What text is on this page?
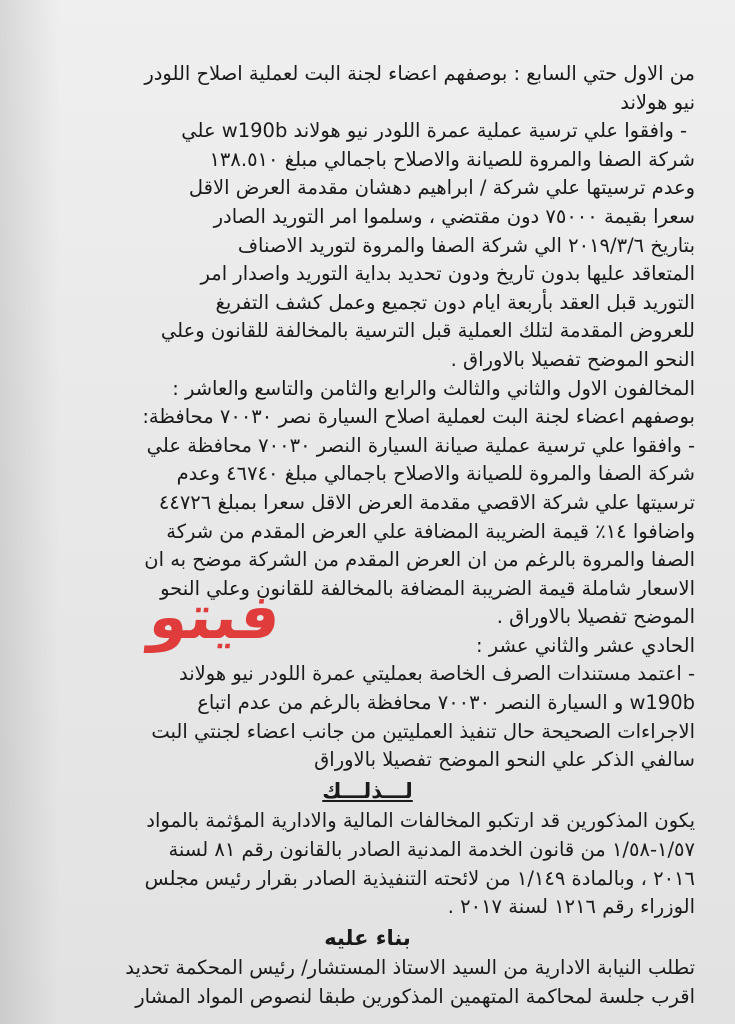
من الاول حتي السابع : بوصفهم اعضاء لجنة البت لعملية اصلاح اللودر
نيو هولاند
- وافقوا علي ترسية عملية عمرة اللودر نيو هولاند w190b علي
شركة الصفا والمروة للصيانة والاصلاح باجمالي مبلغ ١٣٨.٥١٠
وعدم ترسيتها علي شركة / ابراهيم دهشان مقدمة العرض الاقل
سعرا بقيمة ٧٥٠٠٠ دون مقتضي ، وسلموا امر التوريد الصادر
بتاريخ ٢٠١٩/٣/٦ الي شركة الصفا والمروة لتوريد الاصناف
المتعاقد عليها بدون تاريخ ودون تحديد بداية التوريد واصدار امر
التوريد قبل العقد بأربعة ايام دون تجميع وعمل كشف التفريغ
للعروض المقدمة لتلك العملية قبل الترسية بالمخالفة للقانون وعلي
النحو الموضح تفصيلا بالاوراق .
المخالفون الاول والثاني والثالث والرابع والثامن والتاسع والعاشر :
بوصفهم اعضاء لجنة البت لعملية اصلاح السيارة نصر ٧٠٠٣٠ محافظة:
- وافقوا علي ترسية عملية صيانة السيارة النصر ٧٠٠٣٠ محافظة علي
شركة الصفا والمروة للصيانة والاصلاح باجمالي مبلغ ٤٦٧٤٠ وعدم
ترسيتها علي شركة الاقصي مقدمة العرض الاقل سعرا بمبلغ ٤٤٧٢٦
واضافوا ١٤٪ قيمة الضريبة المضافة علي العرض المقدم من شركة
الصفا والمروة بالرغم من ان العرض المقدم من الشركة موضح به ان
الاسعار شاملة قيمة الضريبة المضافة بالمخالفة للقانون وعلي النحو
الموضح تفصيلا بالاوراق .
الحادي عشر والثاني عشر :
- اعتمد مستندات الصرف الخاصة بعمليتي عمرة اللودر نيو هولاند
w190b و السيارة النصر ٧٠٠٣٠ محافظة بالرغم من عدم اتباع
الاجراءات الصحيحة حال تنفيذ العمليتين من جانب اعضاء لجنتي البت
سالفي الذكر علي النحو الموضح تفصيلا بالاوراق
لـــذلـــك
يكون المذكورين قد ارتكبو المخالفات المالية والادارية المؤثمة بالمواد
١/٥٧-١/٥٨ من قانون الخدمة المدنية الصادر بالقانون رقم ٨١ لسنة
٢٠١٦ ، وبالمادة ١/١٤٩ من لائحته التنفيذية الصادر بقرار رئيس مجلس
الوزراء رقم ١٢١٦ لسنة ٢٠١٧ .
بناء عليه
تطلب النيابة الادارية من السيد الاستاذ المستشار/ رئيس المحكمة تحديد
اقرب جلسة لمحاكمة المتهمين المذكورين طبقا لنصوص المواد المشار
فيتو
